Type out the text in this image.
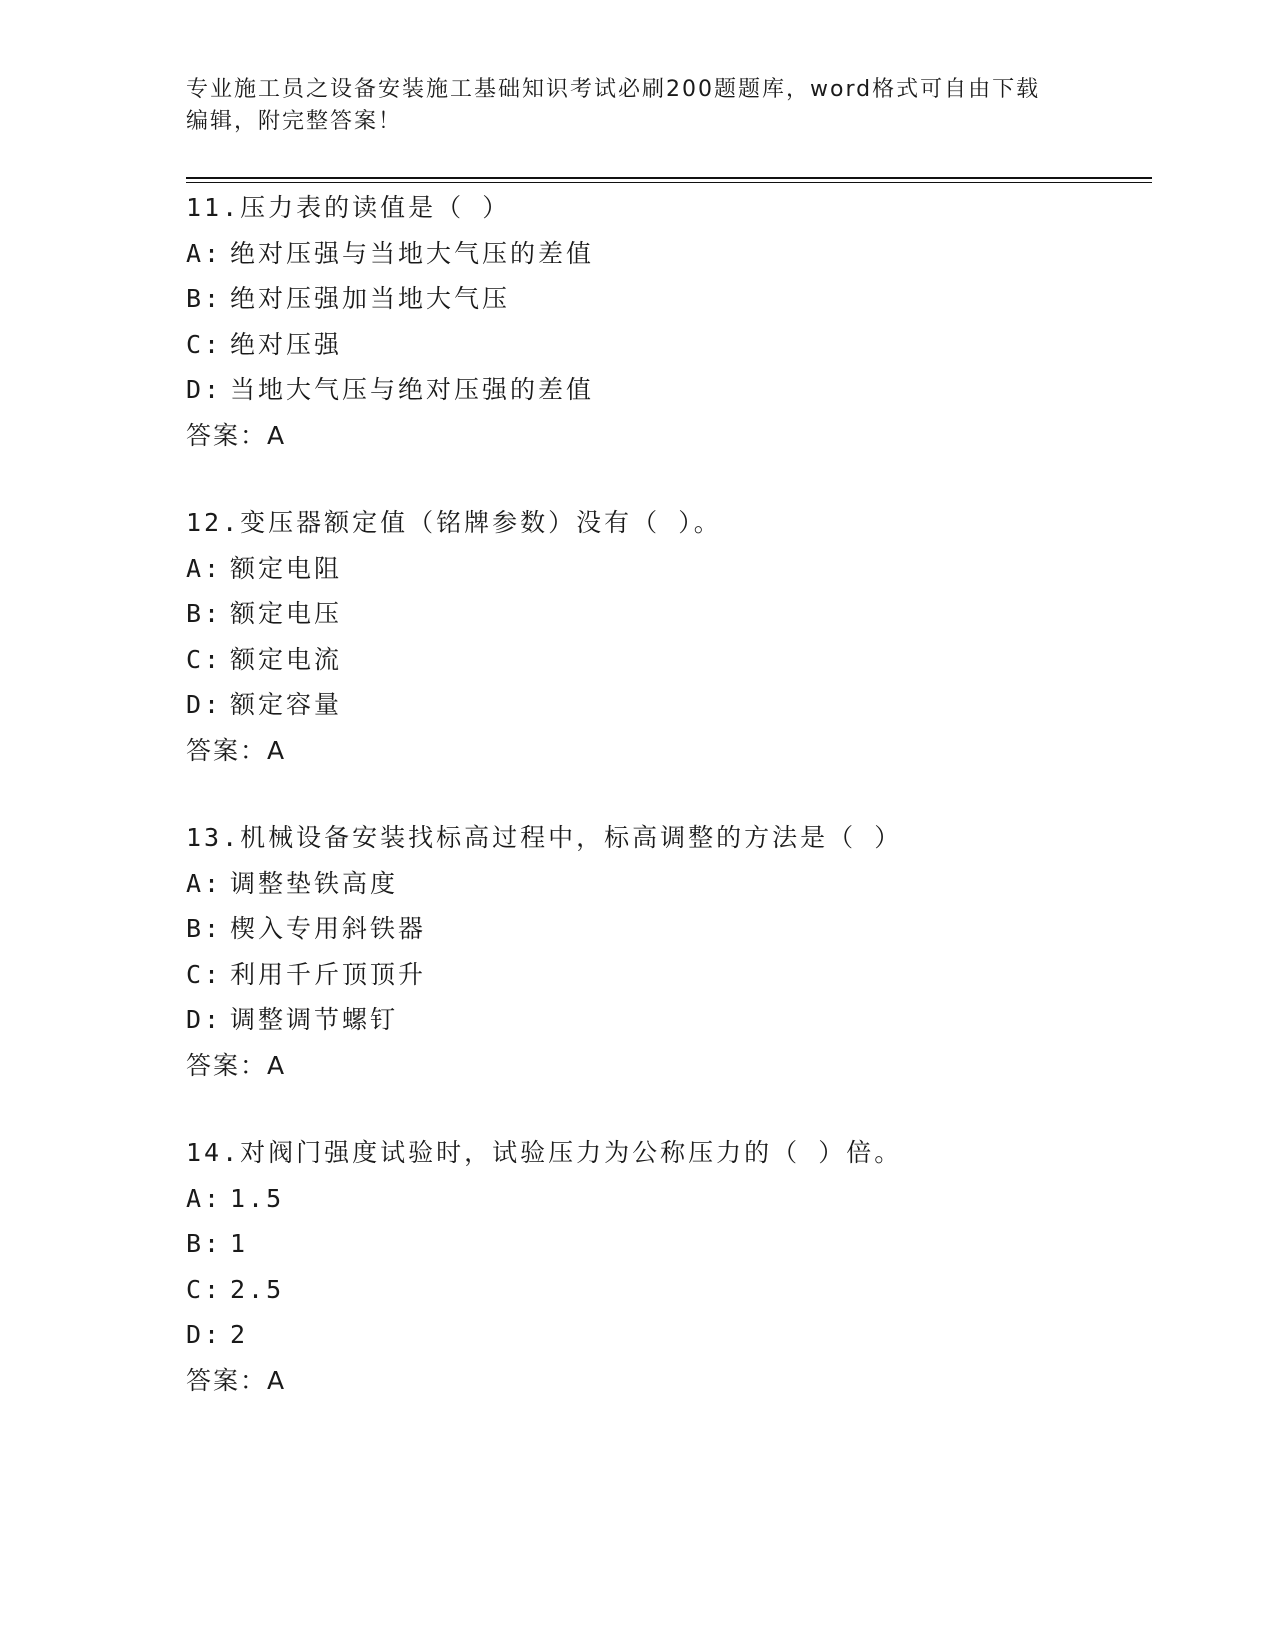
专业施工员之设备安装施工基础知识考试必刷200题题库，word格式可自由下载
编辑，附完整答案！
11.压力表的读值是（ ）
A: 绝对压强与当地大气压的差值
B: 绝对压强加当地大气压
C: 绝对压强
D: 当地大气压与绝对压强的差值
答案：A
12.变压器额定值（铭牌参数）没有（ ）。
A: 额定电阻
B: 额定电压
C: 额定电流
D: 额定容量
答案：A
13.机械设备安装找标高过程中，标高调整的方法是（ ）
A: 调整垫铁高度
B: 楔入专用斜铁器
C: 利用千斤顶顶升
D: 调整调节螺钉
答案：A
14.对阀门强度试验时，试验压力为公称压力的（ ）倍。
A: 1.5
B: 1
C: 2.5
D: 2
答案：A
